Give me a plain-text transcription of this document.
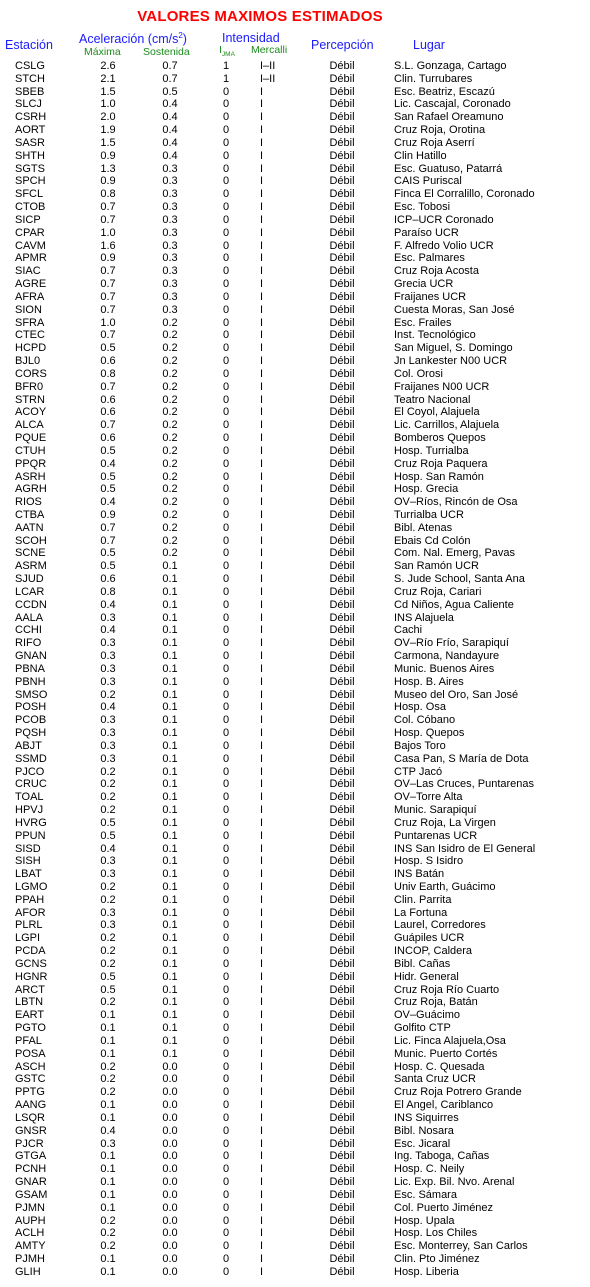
VALORES MAXIMOS ESTIMADOS
Estación Aceleración $(cm/s^2)$
Máxima Sostenida
Intensidad
$I_{JMA}$ Mercalli Percepción	Lugar
CSLG	2.6	0.7	1	I–II	Débil	S.L. Gonzaga, Cartago
STCH	2.1	0.7	1	I–II	Débil	Clin. Turrubares
SBEB	1.5	0.5	0	I	Débil	Esc. Beatriz, Escazú
SLCJ	1.0	0.4	0	I	Débil	Lic. Cascajal, Coronado
CSRH	2.0	0.4	0	I	Débil	San Rafael Oreamuno
AORT	1.9	0.4	0	I	Débil	Cruz Roja, Orotina
SASR	1.5	0.4	0	I	Débil	Cruz Roja Aserrí
SHTH	0.9	0.4	0	I	Débil	Clin Hatillo
SGTS	1.3	0.3	0	I	Débil	Esc. Guatuso, Patarrá
SPCH	0.9	0.3	0	I	Débil	CAIS Puriscal
SFCL	0.8	0.3	0	I	Débil	Finca El Corralillo, Coronado
CTOB	0.7	0.3	0	I	Débil	Esc. Tobosi
SICP	0.7	0.3	0	I	Débil	ICP–UCR Coronado
CPAR	1.0	0.3	0	I	Débil	Paraíso UCR
CAVM	1.6	0.3	0	I	Débil	F. Alfredo Volio UCR
APMR	0.9	0.3	0	I	Débil	Esc. Palmares
SIAC	0.7	0.3	0	I	Débil	Cruz Roja Acosta
AGRE	0.7	0.3	0	I	Débil	Grecia UCR
AFRA	0.7	0.3	0	I	Débil	Fraijanes UCR
SION	0.7	0.3	0	I	Débil	Cuesta Moras, San José
SFRA	1.0	0.2	0	I	Débil	Esc. Frailes
CTEC	0.7	0.2	0	I	Débil	Inst. Tecnológico
HCPD	0.5	0.2	0	I	Débil	San Miguel, S. Domingo
BJL0	0.6	0.2	0	I	Débil	Jn Lankester N00 UCR
CORS	0.8	0.2	0	I	Débil	Col. Orosi
BFR0	0.7	0.2	0	I	Débil	Fraijanes N00 UCR
STRN	0.6	0.2	0	I	Débil	Teatro Nacional
ACOY	0.6	0.2	0	I	Débil	El Coyol, Alajuela
ALCA	0.7	0.2	0	I	Débil	Lic. Carrillos, Alajuela
PQUE	0.6	0.2	0	I	Débil	Bomberos Quepos
CTUH	0.5	0.2	0	I	Débil	Hosp. Turrialba
PPQR	0.4	0.2	0	I	Débil	Cruz Roja Paquera
ASRH	0.5	0.2	0	I	Débil	Hosp. San Ramón
AGRH	0.5	0.2	0	I	Débil	Hosp. Grecia
RIOS	0.4	0.2	0	I	Débil	OV–Ríos, Rincón de Osa
CTBA	0.9	0.2	0	I	Débil	Turrialba UCR
AATN	0.7	0.2	0	I	Débil	Bibl. Atenas
SCOH	0.7	0.2	0	I	Débil	Ebais Cd Colón
SCNE	0.5	0.2	0	I	Débil	Com. Nal. Emerg, Pavas
ASRM	0.5	0.1	0	I	Débil	San Ramón UCR
SJUD	0.6	0.1	0	I	Débil	S. Jude School, Santa Ana
LCAR	0.8	0.1	0	I	Débil	Cruz Roja, Cariari
CCDN	0.4	0.1	0	I	Débil	Cd Niños, Agua Caliente
AALA	0.3	0.1	0	I	Débil	INS Alajuela
CCHI	0.4	0.1	0	I	Débil	Cachi
RIFO	0.3	0.1	0	I	Débil	OV–Río Frío, Sarapiquí
GNAN	0.3	0.1	0	I	Débil	Carmona, Nandayure
PBNA	0.3	0.1	0	I	Débil	Munic. Buenos Aires
PBNH	0.3	0.1	0	I	Débil	Hosp. B. Aires
SMSO	0.2	0.1	0	I	Débil	Museo del Oro, San José
POSH	0.4	0.1	0	I	Débil	Hosp. Osa
PCOB	0.3	0.1	0	I	Débil	Col. Cóbano
PQSH	0.3	0.1	0	I	Débil	Hosp. Quepos
ABJT	0.3	0.1	0	I	Débil	Bajos Toro
SSMD	0.3	0.1	0	I	Débil	Casa Pan, S María de Dota
PJCO	0.2	0.1	0	I	Débil	CTP Jacó
CRUC	0.2	0.1	0	I	Débil	OV–Las Cruces, Puntarenas
TOAL	0.2	0.1	0	I	Débil	OV–Torre Alta
HPVJ	0.2	0.1	0	I	Débil	Munic. Sarapiquí
HVRG	0.5	0.1	0	I	Débil	Cruz Roja, La Virgen
PPUN	0.5	0.1	0	I	Débil	Puntarenas UCR
SISD	0.4	0.1	0	I	Débil	INS San Isidro de El General
SISH	0.3	0.1	0	I	Débil	Hosp. S Isidro
LBAT	0.3	0.1	0	I	Débil	INS Batán
LGMO	0.2	0.1	0	I	Débil	Univ Earth, Guácimo
PPAH	0.2	0.1	0	I	Débil	Clin. Parrita
AFOR	0.3	0.1	0	I	Débil	La Fortuna
PLRL	0.3	0.1	0	I	Débil	Laurel, Corredores
LGPI	0.2	0.1	0	I	Débil	Guápiles UCR
PCDA	0.2	0.1	0	I	Débil	INCOP, Caldera
GCNS	0.2	0.1	0	I	Débil	Bibl. Cañas
HGNR	0.5	0.1	0	I	Débil	Hidr. General
ARCT	0.5	0.1	0	I	Débil	Cruz Roja Río Cuarto
LBTN	0.2	0.1	0	I	Débil	Cruz Roja, Batán
EART	0.1	0.1	0	I	Débil	OV–Guácimo
PGTO	0.1	0.1	0	I	Débil	Golfito CTP
PFAL	0.1	0.1	0	I	Débil	Lic. Finca Alajuela,Osa
POSA	0.1	0.1	0	I	Débil	Munic. Puerto Cortés
ASCH	0.2	0.0	0	I	Débil	Hosp. C. Quesada
GSTC	0.2	0.0	0	I	Débil	Santa Cruz UCR
PPTG	0.2	0.0	0	I	Débil	Cruz Roja Potrero Grande
AANG	0.1	0.0	0	I	Débil	El Angel, Cariblanco
LSQR	0.1	0.0	0	I	Débil	INS Siquirres
GNSR	0.4	0.0	0	I	Débil	Bibl. Nosara
PJCR	0.3	0.0	0	I	Débil	Esc. Jicaral
GTGA	0.1	0.0	0	I	Débil	Ing. Taboga, Cañas
PCNH	0.1	0.0	0	I	Débil	Hosp. C. Neily
GNAR	0.1	0.0	0	I	Débil	Lic. Exp. Bil. Nvo. Arenal
GSAM	0.1	0.0	0	I	Débil	Esc. Sámara
PJMN	0.1	0.0	0	I	Débil	Col. Puerto Jiménez
AUPH	0.2	0.0	0	I	Débil	Hosp. Upala
ACLH	0.2	0.0	0	I	Débil	Hosp. Los Chiles
AMTY	0.2	0.0	0	I	Débil	Esc. Monterrey, San Carlos
PJMH	0.1	0.0	0	I	Débil	Clin. Pto Jiménez
GLIH	0.1	0.0	0	I	Débil	Hosp. Liberia
